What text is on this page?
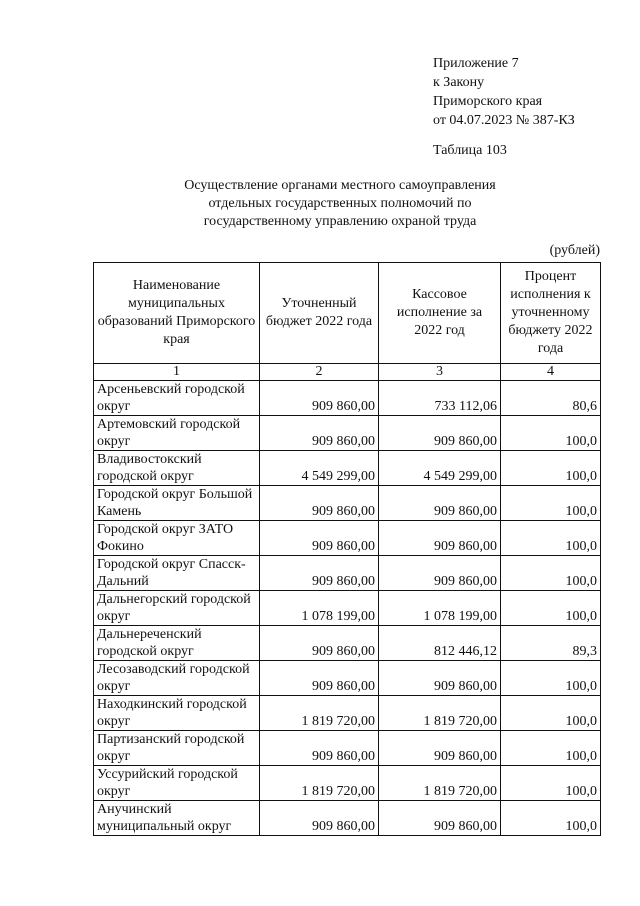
Приложение 7
к Закону
Приморского края
от 04.07.2023 № 387-КЗ
Таблица 103
Осуществление органами местного самоуправления
отдельных государственных полномочий по
государственному управлению охраной труда
(рублей)
Наименование муниципальных образований Приморского края	Уточненный бюджет 2022 года	Кассовое исполнение за 2022 год	Процент исполнения к уточненному бюджету 2022 года
1	2	3	4
Арсеньевский городской округ	909 860,00	733 112,06	80,6
Артемовский городской округ	909 860,00	909 860,00	100,0
Владивостокский городской округ	4 549 299,00	4 549 299,00	100,0
Городской округ Большой Камень	909 860,00	909 860,00	100,0
Городской округ ЗАТО Фокино	909 860,00	909 860,00	100,0
Городской округ Спасск-Дальний	909 860,00	909 860,00	100,0
Дальнегорский городской округ	1 078 199,00	1 078 199,00	100,0
Дальнереченский городской округ	909 860,00	812 446,12	89,3
Лесозаводский городской округ	909 860,00	909 860,00	100,0
Находкинский городской округ	1 819 720,00	1 819 720,00	100,0
Партизанский городской округ	909 860,00	909 860,00	100,0
Уссурийский городской округ	1 819 720,00	1 819 720,00	100,0
Анучинский муниципальный округ	909 860,00	909 860,00	100,0
